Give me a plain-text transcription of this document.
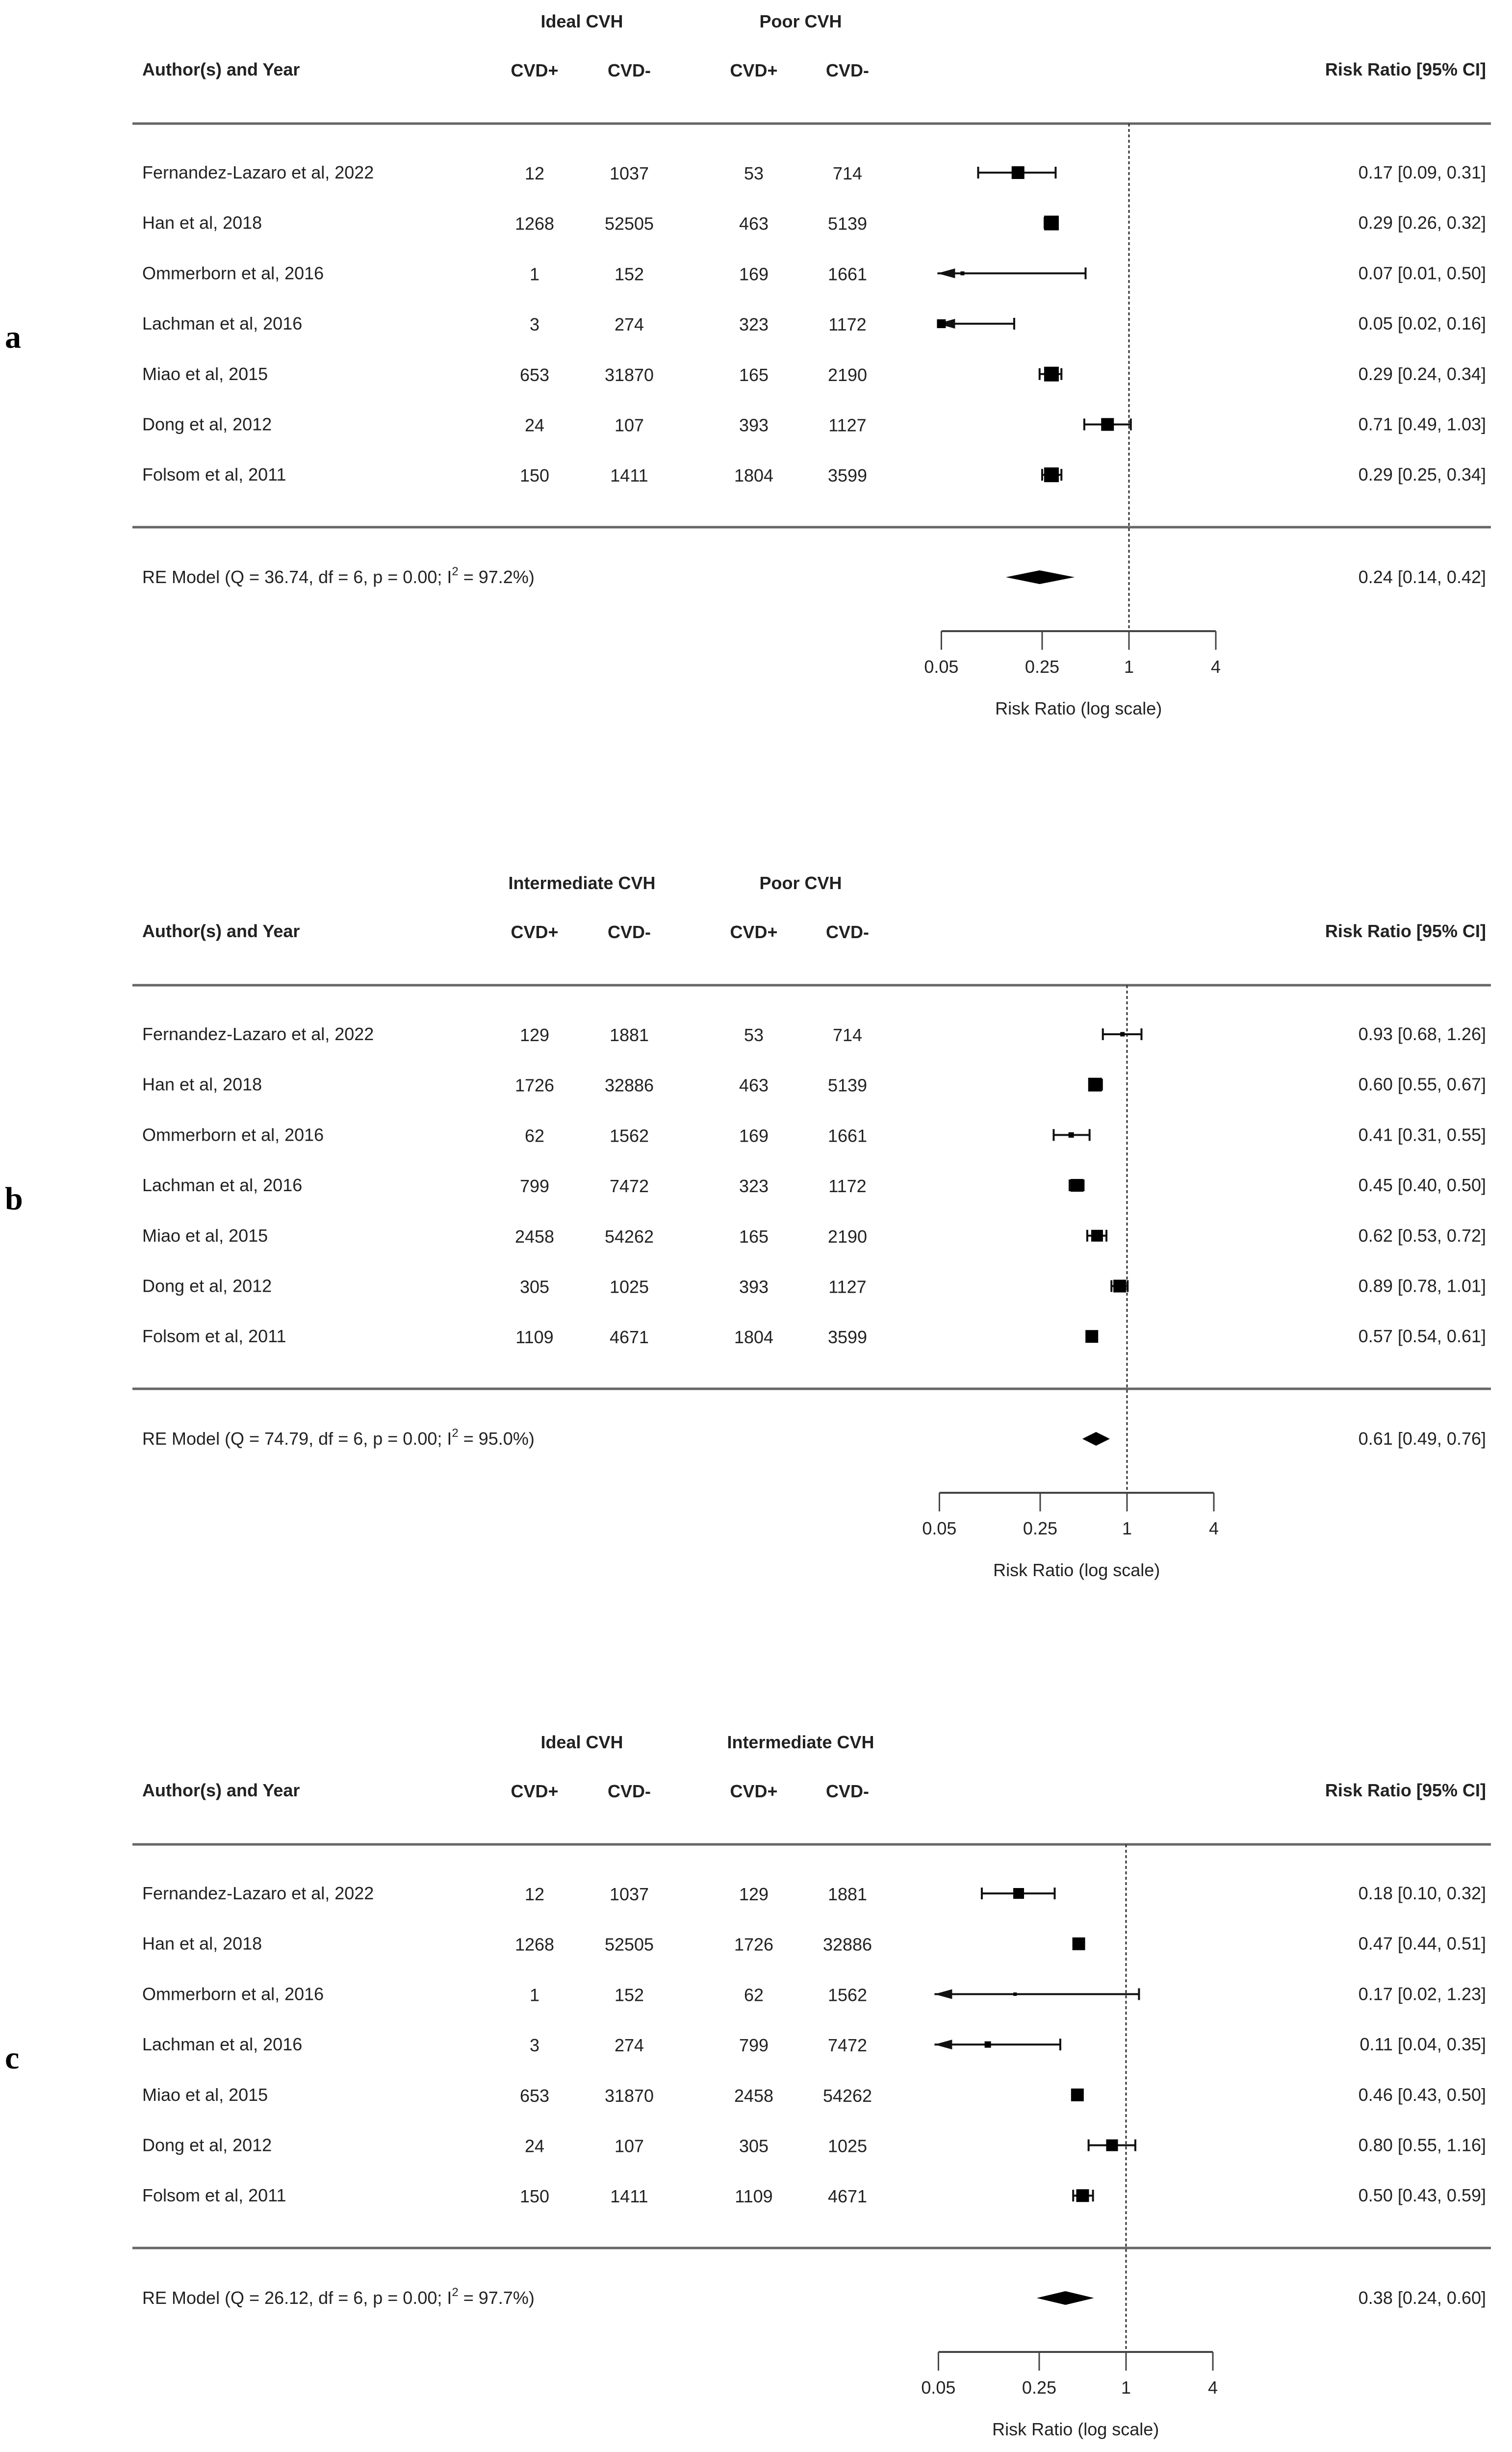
a
Ideal CVH	Poor CVH
Author(s) and Year	CVD+	CVD-	CVD+	CVD-	Risk Ratio [95% CI]
Fernandez-Lazaro et al, 2022	12	1037	53	714	0.17 [0.09, 0.31]
Han et al, 2018	1268	52505	463	5139	0.29 [0.26, 0.32]
Ommerborn et al, 2016	1	152	169	1661	0.07 [0.01, 0.50]
Lachman et al, 2016	3	274	323	1172	0.05 [0.02, 0.16]
Miao et al, 2015	653	31870	165	2190	0.29 [0.24, 0.34]
Dong et al, 2012	24	107	393	1127	0.71 [0.49, 1.03]
Folsom et al, 2011	150	1411	1804	3599	0.29 [0.25, 0.34]
RE Model (Q = 36.74, df = 6, p = 0.00; $I^2 = 97.2\%$)	0.24 [0.14, 0.42]
0.05	0.25	1	4
Risk Ratio (log scale)
b
Intermediate CVH	Poor CVH
Author(s) and Year	CVD+	CVD-	CVD+	CVD-	Risk Ratio [95% CI]
Fernandez-Lazaro et al, 2022	129	1881	53	714	0.93 [0.68, 1.26]
Han et al, 2018	1726	32886	463	5139	0.60 [0.55, 0.67]
Ommerborn et al, 2016	62	1562	169	1661	0.41 [0.31, 0.55]
Lachman et al, 2016	799	7472	323	1172	0.45 [0.40, 0.50]
Miao et al, 2015	2458	54262	165	2190	0.62 [0.53, 0.72]
Dong et al, 2012	305	1025	393	1127	0.89 [0.78, 1.01]
Folsom et al, 2011	1109	4671	1804	3599	0.57 [0.54, 0.61]
RE Model (Q = 74.79, df = 6, p = 0.00; $I^2 = 95.0\%$)	0.61 [0.49, 0.76]
0.05	0.25	1	4
Risk Ratio (log scale)
c
Ideal CVH	Intermediate CVH
Author(s) and Year	CVD+	CVD-	CVD+	CVD-	Risk Ratio [95% CI]
Fernandez-Lazaro et al, 2022	12	1037	129	1881	0.18 [0.10, 0.32]
Han et al, 2018	1268	52505	1726	32886	0.47 [0.44, 0.51]
Ommerborn et al, 2016	1	152	62	1562	0.17 [0.02, 1.23]
Lachman et al, 2016	3	274	799	7472	0.11 [0.04, 0.35]
Miao et al, 2015	653	31870	2458	54262	0.46 [0.43, 0.50]
Dong et al, 2012	24	107	305	1025	0.80 [0.55, 1.16]
Folsom et al, 2011	150	1411	1109	4671	0.50 [0.43, 0.59]
RE Model (Q = 26.12, df = 6, p = 0.00; $I^2 = 97.7\%$)	0.38 [0.24, 0.60]
0.05	0.25	1	4
Risk Ratio (log scale)
